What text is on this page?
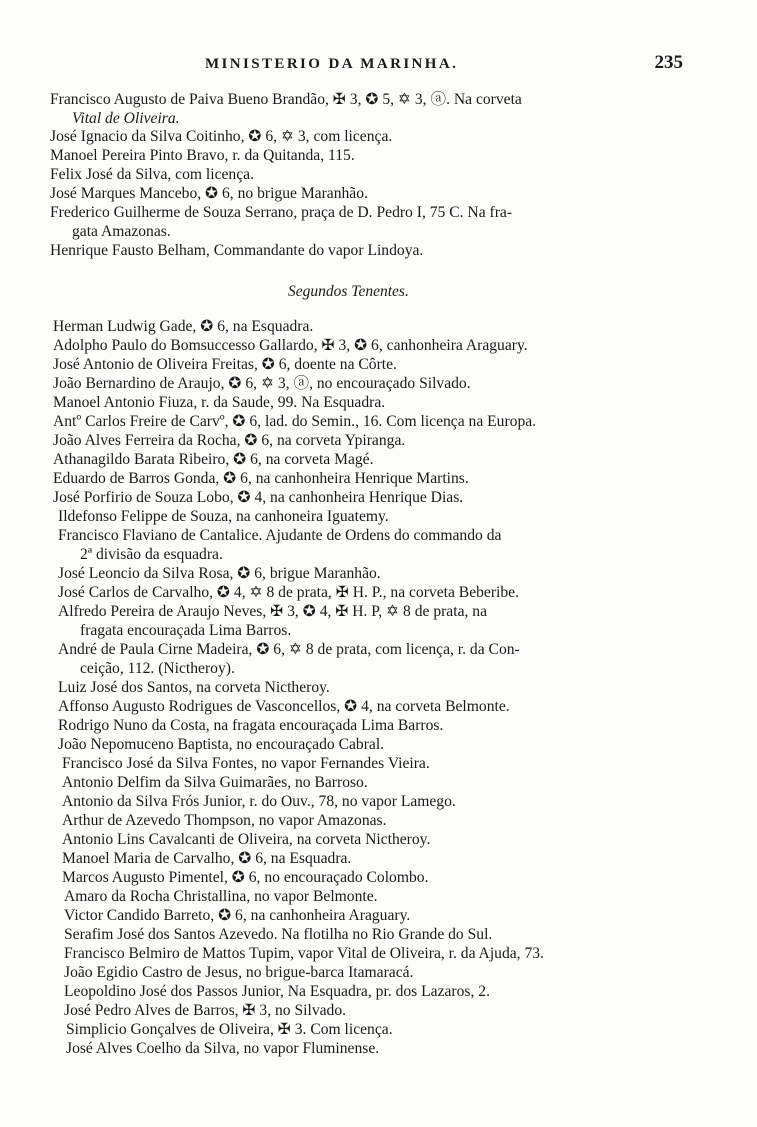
MINISTERIO DA MARINHA.	235
Segundos Tenentes.
Francisco Augusto de Paiva Bueno Brandão, ✠ 3, ✪ 5, ✡ 3, ⓐ. Na corveta
Vital de Oliveira.
José Ignacio da Silva Coitinho, ✪ 6, ✡ 3, com licença.
Manoel Pereira Pinto Bravo, r. da Quitanda, 115.
Felix José da Silva, com licença.
José Marques Mancebo, ✪ 6, no brigue Maranhão.
Frederico Guilherme de Souza Serrano, praça de D. Pedro I, 75 C. Na fra-
gata Amazonas.
Henrique Fausto Belham, Commandante do vapor Lindoya.
Herman Ludwig Gade, ✪ 6, na Esquadra.
Adolpho Paulo do Bomsuccesso Gallardo, ✠ 3, ✪ 6, canhonheira Araguary.
José Antonio de Oliveira Freitas, ✪ 6, doente na Côrte.
João Bernardino de Araujo, ✪ 6, ✡ 3, ⓐ, no encouraçado Silvado.
Manoel Antonio Fiuza, r. da Saude, 99. Na Esquadra.
Antº Carlos Freire de Carvº, ✪ 6, lad. do Semin., 16. Com licença na Europa.
João Alves Ferreira da Rocha, ✪ 6, na corveta Ypiranga.
Athanagildo Barata Ribeiro, ✪ 6, na corveta Magé.
Eduardo de Barros Gonda, ✪ 6, na canhonheira Henrique Martins.
José Porfirio de Souza Lobo, ✪ 4, na canhonheira Henrique Dias.
Ildefonso Felippe de Souza, na canhoneira Iguatemy.
Francisco Flaviano de Cantalice. Ajudante de Ordens do commando da
2ª divisão da esquadra.
José Leoncio da Silva Rosa, ✪ 6, brigue Maranhão.
José Carlos de Carvalho, ✪ 4, ✡ 8 de prata, ✠ H. P., na corveta Beberibe.
Alfredo Pereira de Araujo Neves, ✠ 3, ✪ 4, ✠ H. P, ✡ 8 de prata, na
fragata encouraçada Lima Barros.
André de Paula Cirne Madeira, ✪ 6, ✡ 8 de prata, com licença, r. da Con-
ceição, 112. (Nictheroy).
Luiz José dos Santos, na corveta Nictheroy.
Affonso Augusto Rodrigues de Vasconcellos, ✪ 4, na corveta Belmonte.
Rodrigo Nuno da Costa, na fragata encouraçada Lima Barros.
João Nepomuceno Baptista, no encouraçado Cabral.
Francisco José da Silva Fontes, no vapor Fernandes Vieira.
Antonio Delfim da Silva Guimarães, no Barroso.
Antonio da Silva Frós Junior, r. do Ouv., 78, no vapor Lamego.
Arthur de Azevedo Thompson, no vapor Amazonas.
Antonio Lins Cavalcanti de Oliveira, na corveta Nictheroy.
Manoel Maria de Carvalho, ✪ 6, na Esquadra.
Marcos Augusto Pimentel, ✪ 6, no encouraçado Colombo.
Amaro da Rocha Christallina, no vapor Belmonte.
Victor Candido Barreto, ✪ 6, na canhonheira Araguary.
Serafim José dos Santos Azevedo. Na flotilha no Rio Grande do Sul.
Francisco Belmiro de Mattos Tupim, vapor Vital de Oliveira, r. da Ajuda, 73.
João Egidio Castro de Jesus, no brigue-barca Itamaracá.
Leopoldino José dos Passos Junior, Na Esquadra, pr. dos Lazaros, 2.
José Pedro Alves de Barros, ✠ 3, no Silvado.
Simplicio Gonçalves de Oliveira, ✠ 3. Com licença.
José Alves Coelho da Silva, no vapor Fluminense.
